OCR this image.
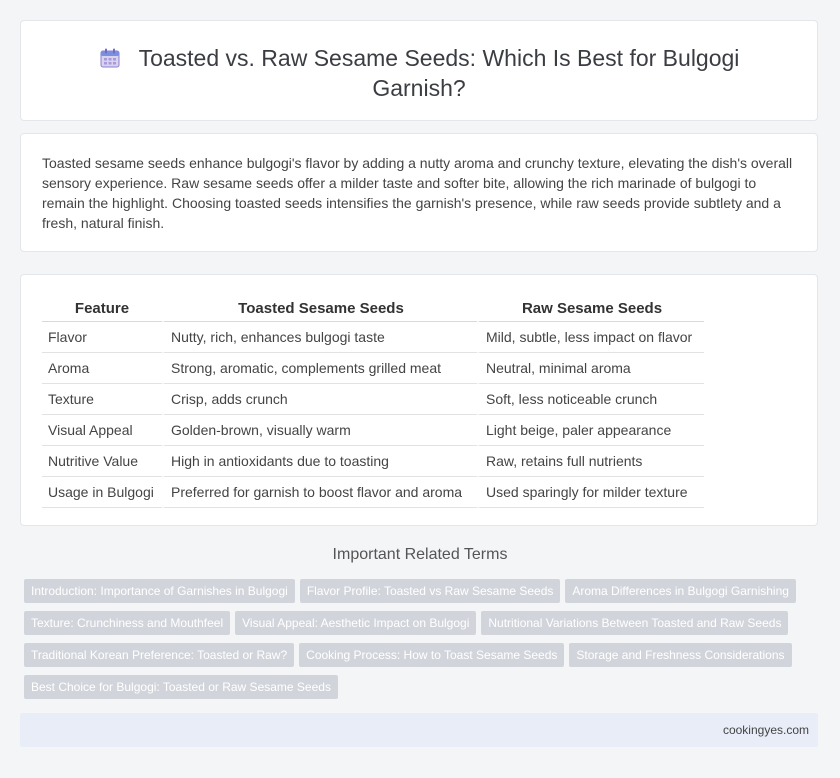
Toasted vs. Raw Sesame Seeds: Which Is Best for Bulgogi Garnish?
Toasted sesame seeds enhance bulgogi's flavor by adding a nutty aroma and crunchy texture, elevating the dish's overall sensory experience. Raw sesame seeds offer a milder taste and softer bite, allowing the rich marinade of bulgogi to remain the highlight. Choosing toasted seeds intensifies the garnish's presence, while raw seeds provide subtlety and a fresh, natural finish.
Feature	Toasted Sesame Seeds	Raw Sesame Seeds
Flavor	Nutty, rich, enhances bulgogi taste	Mild, subtle, less impact on flavor
Aroma	Strong, aromatic, complements grilled meat	Neutral, minimal aroma
Texture	Crisp, adds crunch	Soft, less noticeable crunch
Visual Appeal	Golden-brown, visually warm	Light beige, paler appearance
Nutritive Value	High in antioxidants due to toasting	Raw, retains full nutrients
Usage in Bulgogi	Preferred for garnish to boost flavor and aroma	Used sparingly for milder texture
Important Related Terms
Introduction: Importance of Garnishes in Bulgogi Flavor Profile: Toasted vs Raw Sesame Seeds Aroma Differences in Bulgogi GarnishingTexture: Crunchiness and Mouthfeel Visual Appeal: Aesthetic Impact on Bulgogi Nutritional Variations Between Toasted and Raw SeedsTraditional Korean Preference: Toasted or Raw? Cooking Process: How to Toast Sesame Seeds Storage and Freshness ConsiderationsBest Choice for Bulgogi: Toasted or Raw Sesame Seeds
cookingyes.com
